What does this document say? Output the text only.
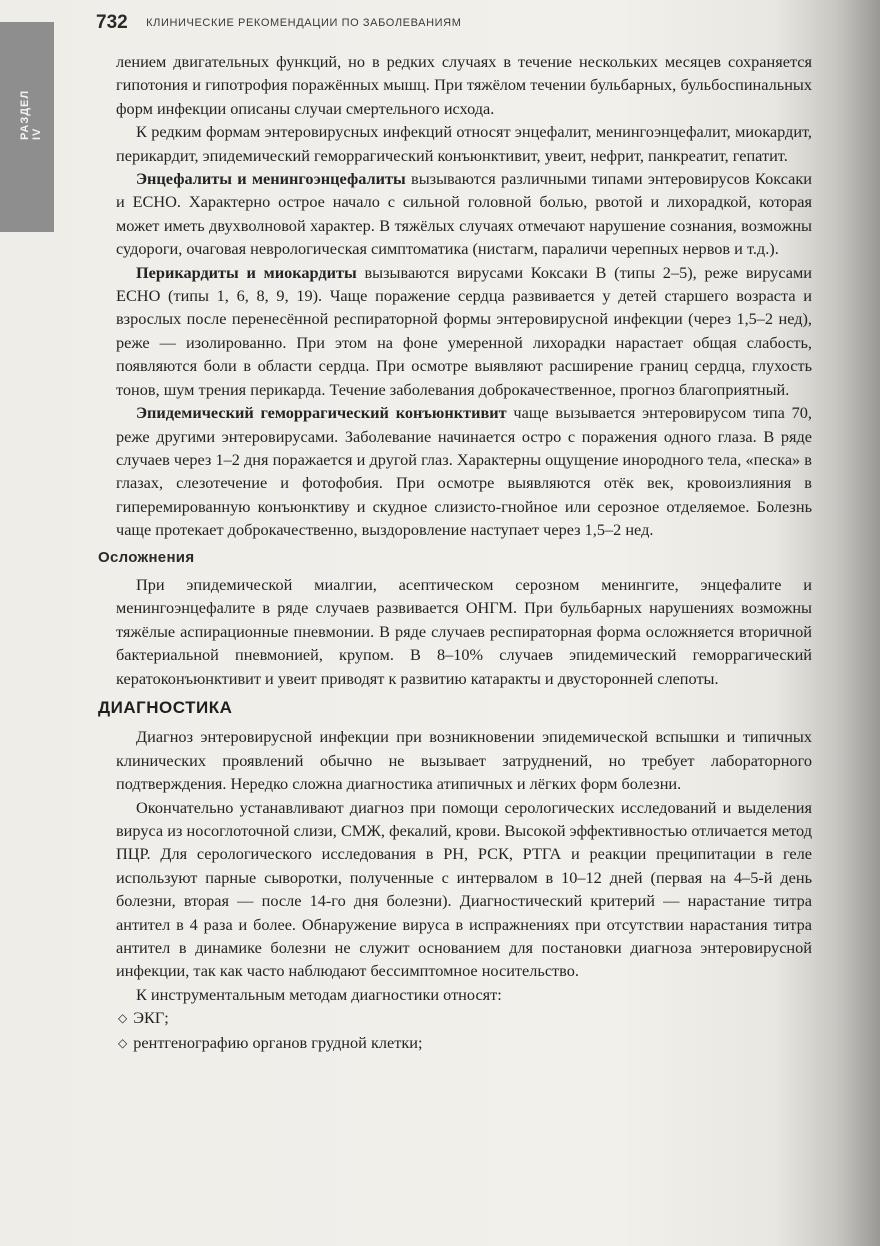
РАЗДЕЛ IV
732 КЛИНИЧЕСКИЕ РЕКОМЕНДАЦИИ ПО ЗАБОЛЕВАНИЯМ

лением двигательных функций, но в редких случаях в течение нескольких месяцев сохраняется гипотония и гипотрофия поражённых мышц. При тяжёлом течении бульбарных, бульбоспинальных форм инфекции описаны случаи смертельного исхода.

К редким формам энтеровирусных инфекций относят энцефалит, менингоэнцефалит, миокардит, перикардит, эпидемический геморрагический конъюнктивит, увеит, нефрит, панкреатит, гепатит.

Энцефалиты и менингоэнцефалиты вызываются различными типами энтеровирусов Коксаки и ЕСНО. Характерно острое начало с сильной головной болью, рвотой и лихорадкой, которая может иметь двухволновой характер. В тяжёлых случаях отмечают нарушение сознания, возможны судороги, очаговая неврологическая симптоматика (нистагм, параличи черепных нервов и т.д.).

Перикардиты и миокардиты вызываются вирусами Коксаки В (типы 2–5), реже вирусами ЕСНО (типы 1, 6, 8, 9, 19). Чаще поражение сердца развивается у детей старшего возраста и взрослых после перенесённой респираторной формы энтеровирусной инфекции (через 1,5–2 нед), реже — изолированно. При этом на фоне умеренной лихорадки нарастает общая слабость, появляются боли в области сердца. При осмотре выявляют расширение границ сердца, глухость тонов, шум трения перикарда. Течение заболевания доброкачественное, прогноз благоприятный.

Эпидемический геморрагический конъюнктивит чаще вызывается энтеровирусом типа 70, реже другими энтеровирусами. Заболевание начинается остро с поражения одного глаза. В ряде случаев через 1–2 дня поражается и другой глаз. Характерны ощущение инородного тела, «песка» в глазах, слезотечение и фотофобия. При осмотре выявляются отёк век, кровоизлияния в гиперемированную конъюнктиву и скудное слизисто-гнойное или серозное отделяемое. Болезнь чаще протекает доброкачественно, выздоровление наступает через 1,5–2 нед.

Осложнения

При эпидемической миалгии, асептическом серозном менингите, энцефалите и менингоэнцефалите в ряде случаев развивается ОНГМ. При бульбарных нарушениях возможны тяжёлые аспирационные пневмонии. В ряде случаев респираторная форма осложняется вторичной бактериальной пневмонией, крупом. В 8–10% случаев эпидемический геморрагический кератоконъюнктивит и увеит приводят к развитию катаракты и двусторонней слепоты.

ДИАГНОСТИКА

Диагноз энтеровирусной инфекции при возникновении эпидемической вспышки и типичных клинических проявлений обычно не вызывает затруднений, но требует лабораторного подтверждения. Нередко сложна диагностика атипичных и лёгких форм болезни.

Окончательно устанавливают диагноз при помощи серологических исследований и выделения вируса из носоглоточной слизи, СМЖ, фекалий, крови. Высокой эффективностью отличается метод ПЦР. Для серологического исследования в РН, РСК, РТГА и реакции преципитации в геле используют парные сыворотки, полученные с интервалом в 10–12 дней (первая на 4–5-й день болезни, вторая — после 14-го дня болезни). Диагностический критерий — нарастание титра антител в 4 раза и более. Обнаружение вируса в испражнениях при отсутствии нарастания титра антител в динамике болезни не служит основанием для постановки диагноза энтеровирусной инфекции, так как часто наблюдают бессимптомное носительство.

К инструментальным методам диагностики относят:

◇ ЭКГ;
◇ рентгенографию органов грудной клетки;
